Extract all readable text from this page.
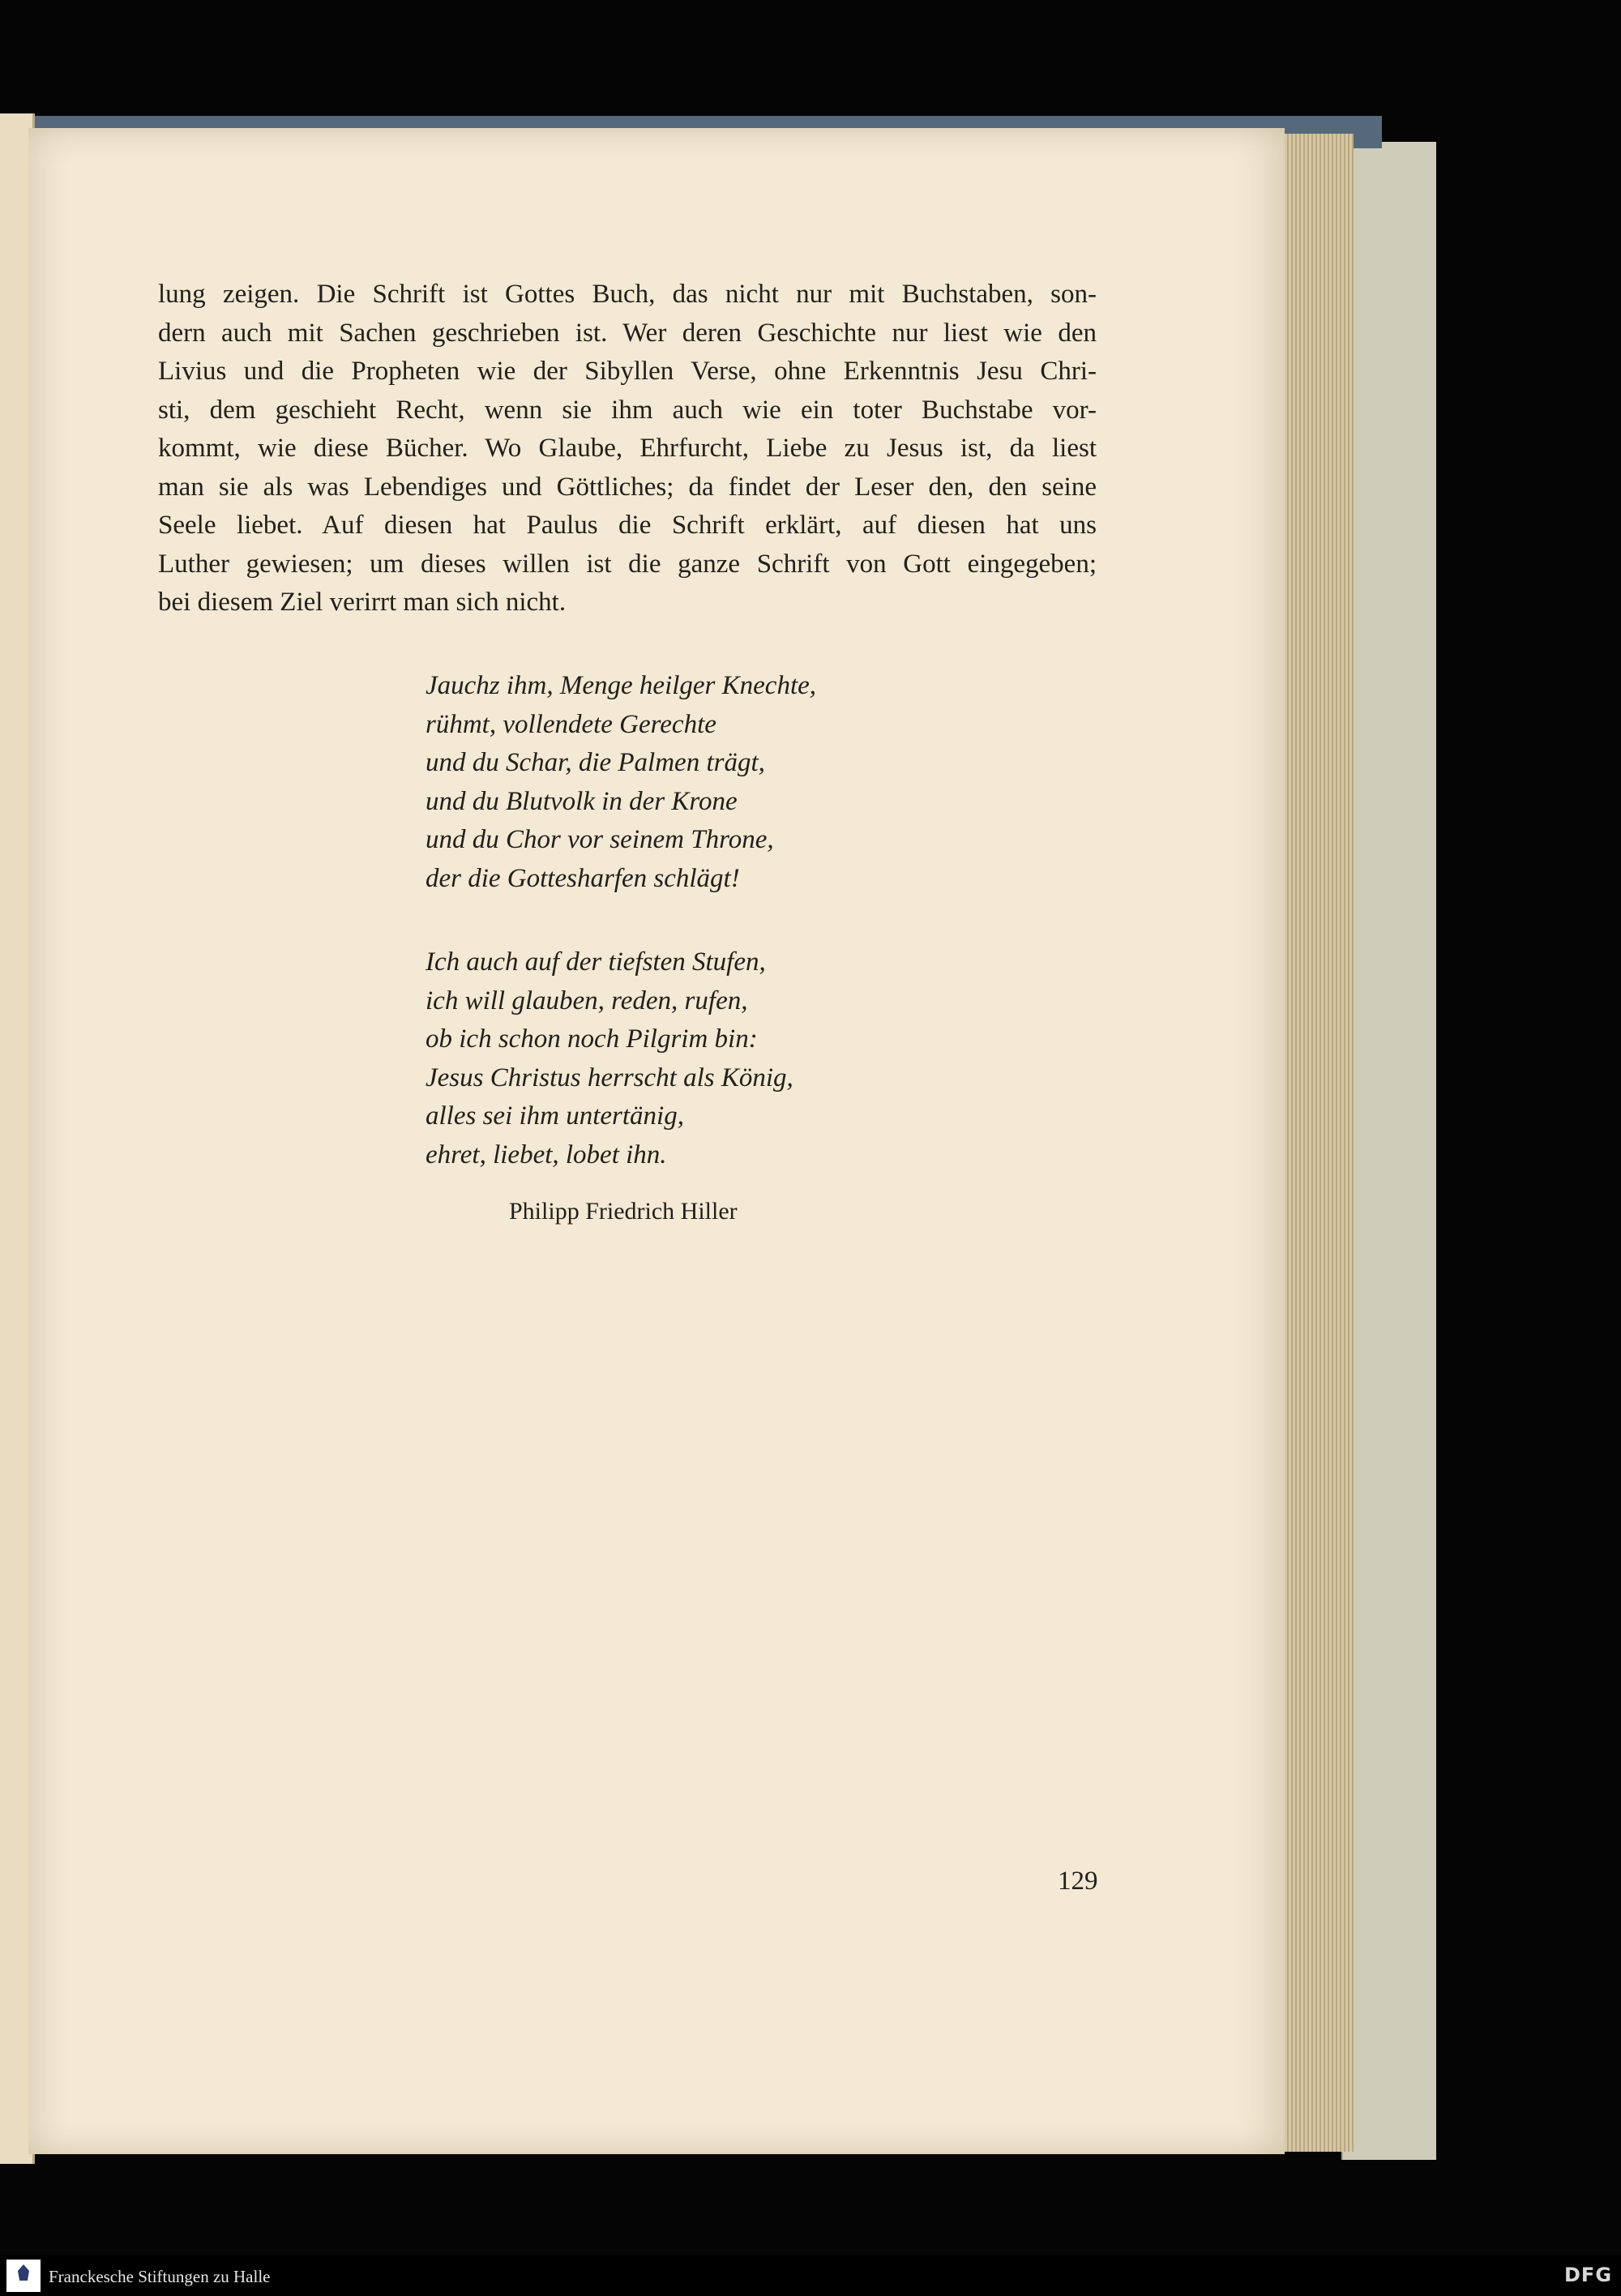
lung zeigen. Die Schrift ist Gottes Buch, das nicht nur mit Buchstaben, son-
dern auch mit Sachen geschrieben ist. Wer deren Geschichte nur liest wie den
Livius und die Propheten wie der Sibyllen Verse, ohne Erkenntnis Jesu Chri-
sti, dem geschieht Recht, wenn sie ihm auch wie ein toter Buchstabe vor-
kommt, wie diese Bücher. Wo Glaube, Ehrfurcht, Liebe zu Jesus ist, da liest
man sie als was Lebendiges und Göttliches; da findet der Leser den, den seine
Seele liebet. Auf diesen hat Paulus die Schrift erklärt, auf diesen hat uns
Luther gewiesen; um dieses willen ist die ganze Schrift von Gott eingegeben;
bei diesem Ziel verirrt man sich nicht.
Jauchz ihm, Menge heilger Knechte,
rühmt, vollendete Gerechte
und du Schar, die Palmen trägt,
und du Blutvolk in der Krone
und du Chor vor seinem Throne,
der die Gottesharfen schlägt!
Ich auch auf der tiefsten Stufen,
ich will glauben, reden, rufen,
ob ich schon noch Pilgrim bin:
Jesus Christus herrscht als König,
alles sei ihm untertänig,
ehret, liebet, lobet ihn.
Philipp Friedrich Hiller
129
Franckesche Stiftungen zu Halle	DFG
